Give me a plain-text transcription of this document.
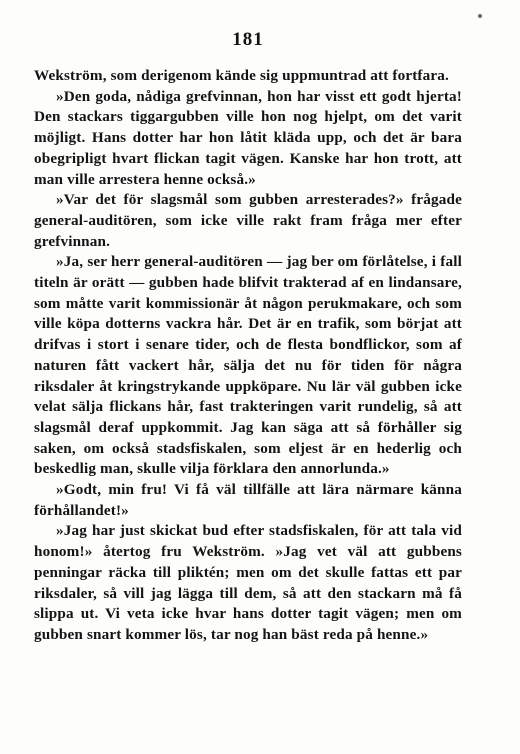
181

Wekström, som derigenom kände sig uppmuntrad att fortfara.

»Den goda, nådiga grefvinnan, hon har visst ett godt hjerta! Den stackars tiggargubben ville hon nog hjelpt, om det varit möjligt. Hans dotter har hon låtit kläda upp, och det är bara obegripligt hvart flickan tagit vägen. Kanske har hon trott, att man ville arrestera henne också.»

»Var det för slagsmål som gubben arresterades?» frågade general-auditören, som icke ville rakt fram fråga mer efter grefvinnan.

»Ja, ser herr general-auditören — jag ber om förlåtelse, i fall titeln är orätt — gubben hade blifvit trakterad af en lindansare, som måtte varit kommissionär åt någon perukmakare, och som ville köpa dotterns vackra hår. Det är en trafik, som börjat att drifvas i stort i senare tider, och de flesta bondflickor, som af naturen fått vackert hår, sälja det nu för tiden för några riksdaler åt kringstrykande uppköpare. Nu lär väl gubben icke velat sälja flickans hår, fast trakteringen varit rundelig, så att slagsmål deraf uppkommit. Jag kan säga att så förhåller sig saken, om också stadsfiskalen, som eljest är en hederlig och beskedlig man, skulle vilja förklara den annorlunda.»

»Godt, min fru! Vi få väl tillfälle att lära närmare känna förhållandet!»

»Jag har just skickat bud efter stadsfiskalen, för att tala vid honom!» återtog fru Wekström. »Jag vet väl att gubbens penningar räcka till pliktén; men om det skulle fattas ett par riksdaler, så vill jag lägga till dem, så att den stackarn må få slippa ut. Vi veta icke hvar hans dotter tagit vägen; men om gubben snart kommer lös, tar nog han bäst reda på henne.»
